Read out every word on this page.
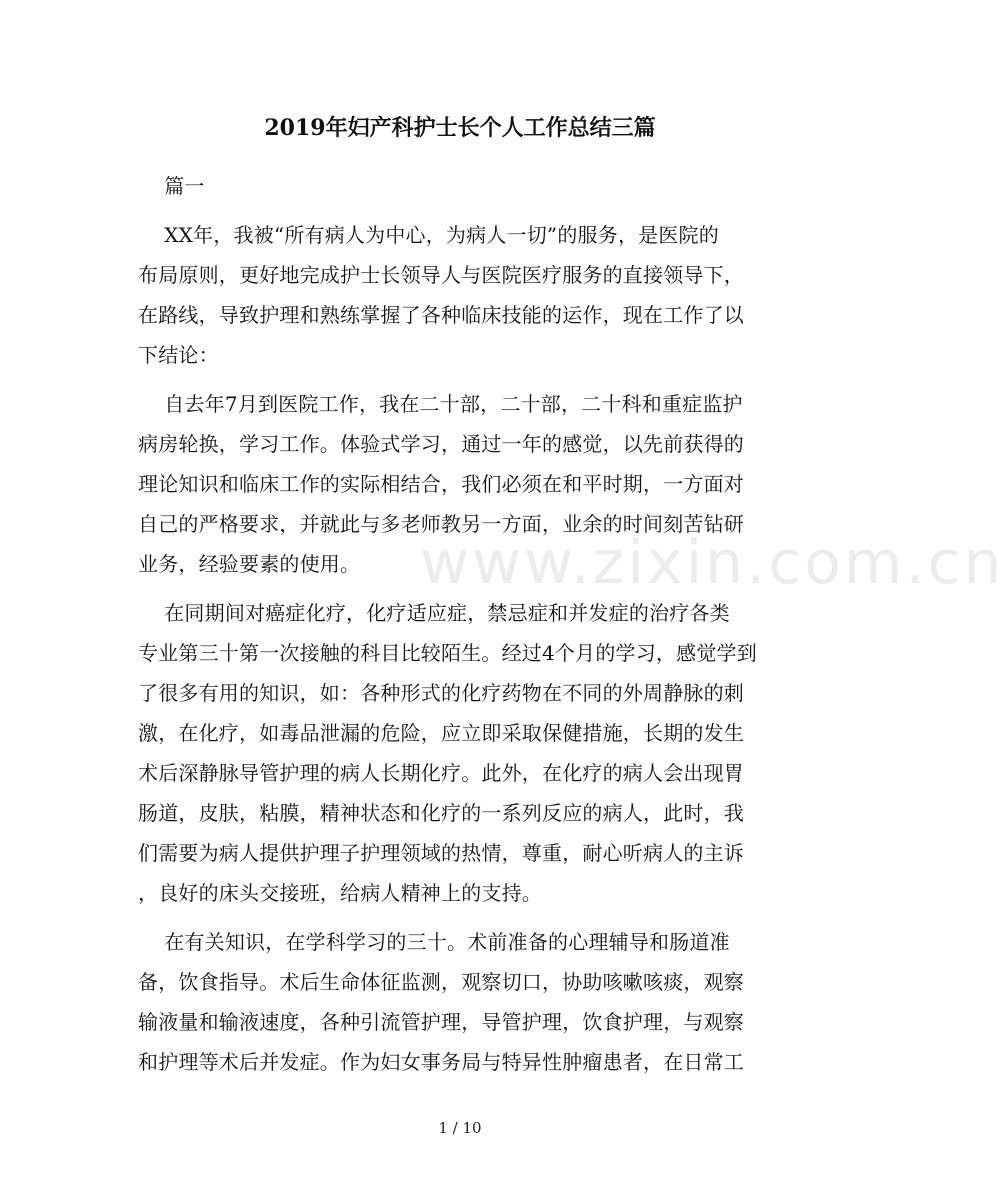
2019年妇产科护士长个人工作总结三篇
www.zixin.com.cn
篇一
XX年，我被“所有病人为中心，为病人一切”的服务，是医院的
布局原则，更好地完成护士长领导人与医院医疗服务的直接领导下，
在路线，导致护理和熟练掌握了各种临床技能的运作，现在工作了以
下结论：
自去年7月到医院工作，我在二十部，二十部，二十科和重症监护
病房轮换，学习工作。体验式学习，通过一年的感觉，以先前获得的
理论知识和临床工作的实际相结合，我们必须在和平时期，一方面对
自己的严格要求，并就此与多老师教另一方面，业余的时间刻苦钻研
业务，经验要素的使用。
在同期间对癌症化疗，化疗适应症，禁忌症和并发症的治疗各类
专业第三十第一次接触的科目比较陌生。经过4个月的学习，感觉学到
了很多有用的知识，如：各种形式的化疗药物在不同的外周静脉的刺
激，在化疗，如毒品泄漏的危险，应立即采取保健措施，长期的发生
术后深静脉导管护理的病人长期化疗。此外，在化疗的病人会出现胃
肠道，皮肤，粘膜，精神状态和化疗的一系列反应的病人，此时，我
们需要为病人提供护理子护理领域的热情，尊重，耐心听病人的主诉
，良好的床头交接班，给病人精神上的支持。
在有关知识，在学科学习的三十。术前准备的心理辅导和肠道准
备，饮食指导。术后生命体征监测，观察切口，协助咳嗽咳痰，观察
输液量和输液速度，各种引流管护理，导管护理，饮食护理，与观察
和护理等术后并发症。作为妇女事务局与特异性肿瘤患者，在日常工
1 / 10
